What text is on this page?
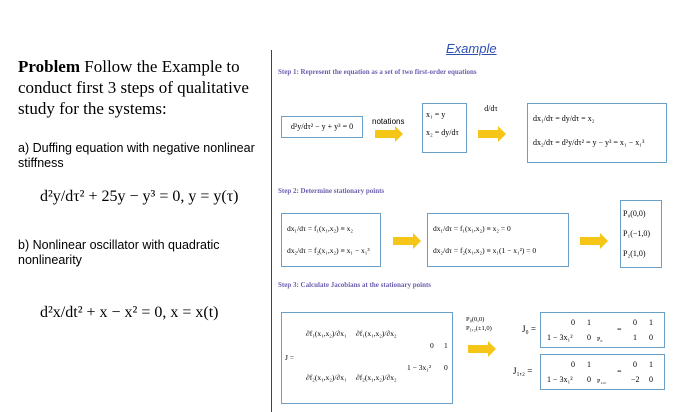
Problem Follow the Example to
conduct first 3 steps of qualitative
study for the systems:
a) Duffing equation with negative nonlinear
stiffness
d²y/dτ² + 25y − y³ = 0, y = y(τ)
b) Nonlinear oscillator with quadratic
nonlinearity
d²x/dt² + x − x² = 0, x = x(t)
Example
Step 1: Represent the equation as a set of two first-order equations
d²y/dτ² − y + y³ = 0
notations
x₁ = y
x₂ = dy/dτ
d/dτ
dx₁/dτ = dy/dτ = x₂
dx₂/dτ = d²y/dτ² = y − y³ = x₁ − x₁³
Step 2: Determine stationary points
dx₁/dτ = f₁(x₁,x₂) ≡ x₂
dx₂/dτ = f₂(x₁,x₂) ≡ x₁ − x₁³
dx₁/dτ = f₁(x₁,x₂) ≡ x₂ = 0
dx₂/dτ = f₂(x₁,x₂) ≡ x₁(1 − x₁²) = 0
P₀(0,0)
P₁(−1,0)
P₂(1,0)
Step 3: Calculate Jacobians at the stationary points
J =
∂f₁(x₁,x₂)/∂x₁ ∂f₁(x₁,x₂)/∂x₂
∂f₂(x₁,x₂)/∂x₁ ∂f₂(x₁,x₂)/∂x₂
0 1
1 − 3x₁² 0
P₀(0,0)
P₁,₂(±1,0)	J₀ =
0 1
1 − 3x₁² 0 P₀
=
0 1
1 0
J₁,₂ =
0 1
1 − 3x₁² 0 P₁,₂
=
0 1
−2 0
